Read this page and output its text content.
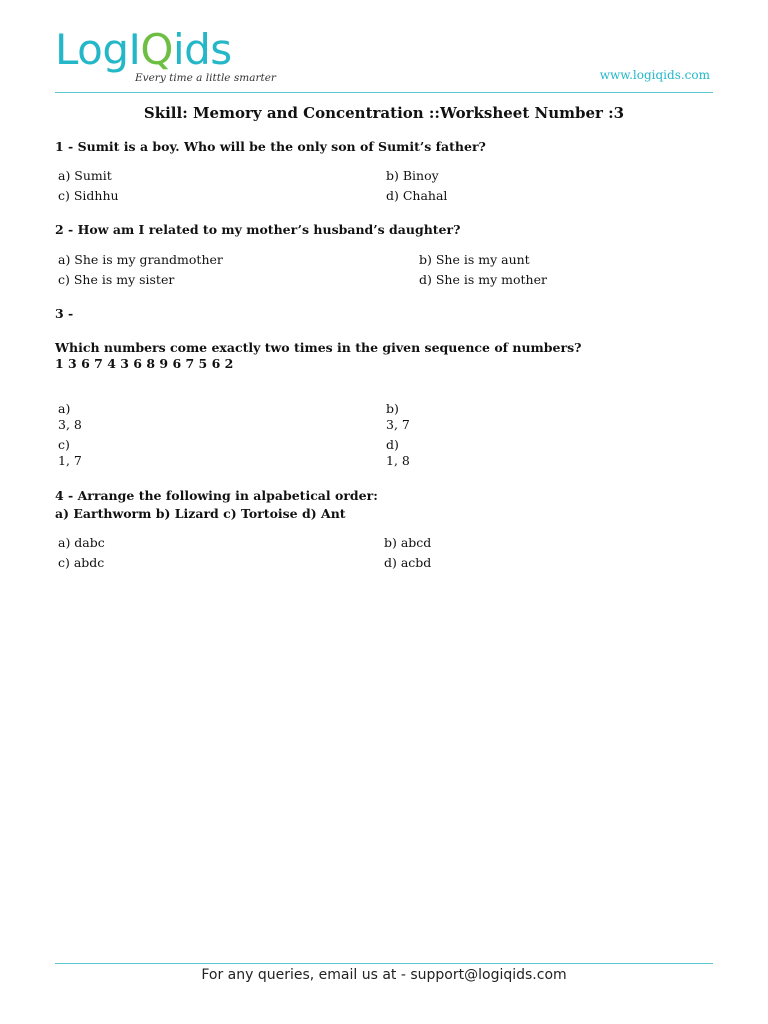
LogIQids
Every time a little smarter	www.logiqids.com
Skill: Memory and Concentration ::Worksheet Number :3
1 - Sumit is a boy. Who will be the only son of Sumit’s father?
a) Sumit	b) Binoy
c) Sidhhu	d) Chahal
2 - How am I related to my mother’s husband’s daughter?
a) She is my grandmother	b) She is my aunt
c) She is my sister	d) She is my mother
3 -
Which numbers come exactly two times in the given sequence of numbers?
1 3 6 7 4 3 6 8 9 6 7 5 6 2
a)
3, 8
b)
3, 7
c)
1, 7
d)
1, 8
4 - Arrange the following in alpabetical order:
a) Earthworm b) Lizard c) Tortoise d) Ant
a) dabc	b) abcd
c) abdc	d) acbd
For any queries, email us at - support@logiqids.com
